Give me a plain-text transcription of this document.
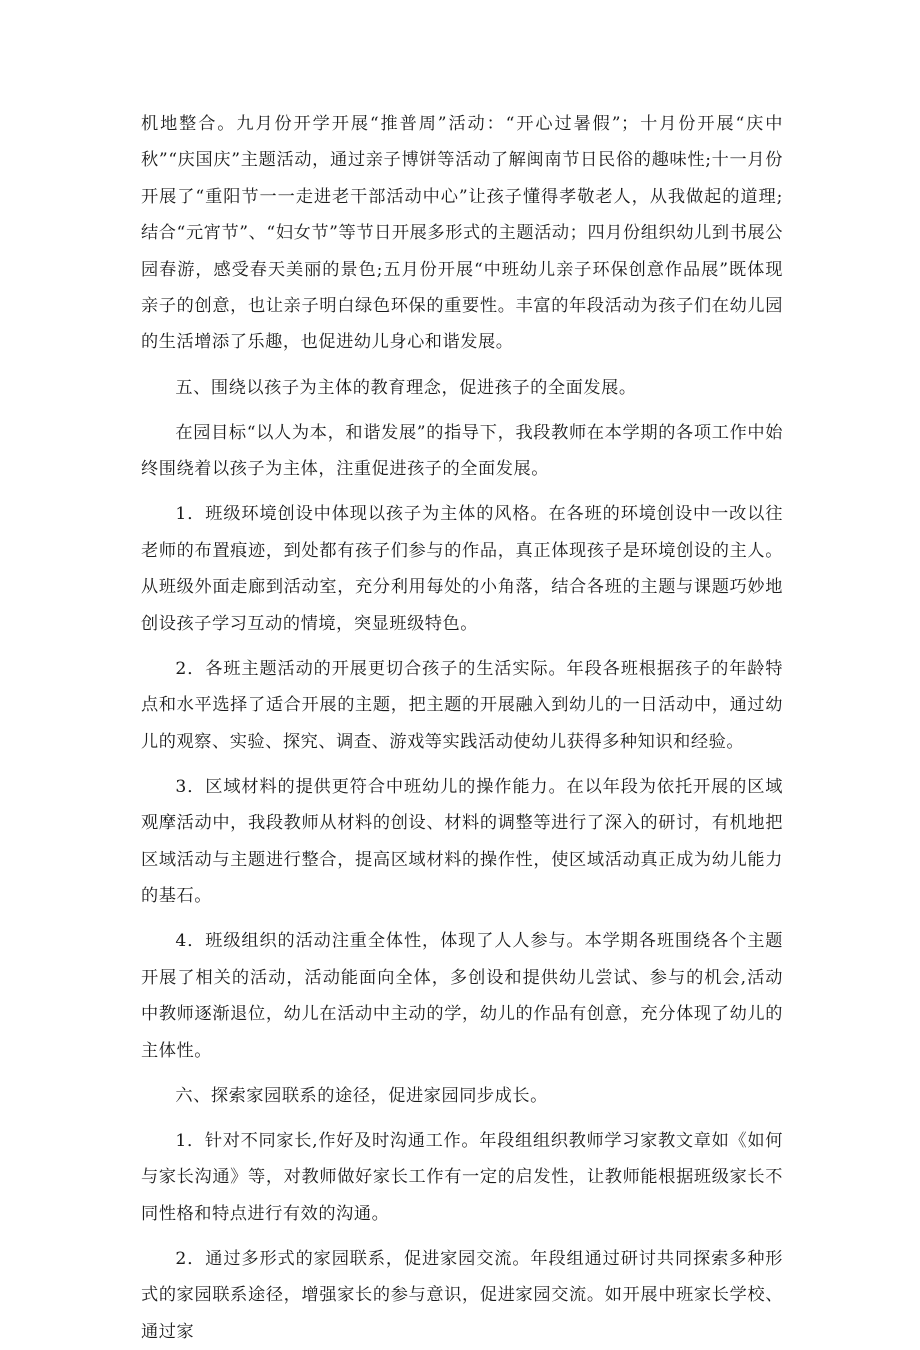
机地整合。九月份开学开展“推普周”活动：“开心过暑假”；十月份开展“庆中秋”“庆国庆”主题活动，通过亲子博饼等活动了解闽南节日民俗的趣味性;十一月份开展了“重阳节一一走进老干部活动中心”让孩子懂得孝敬老人，从我做起的道理;结合“元宵节”、“妇女节”等节日开展多形式的主题活动；四月份组织幼儿到书展公园春游，感受春天美丽的景色;五月份开展“中班幼儿亲子环保创意作品展”既体现亲子的创意，也让亲子明白绿色环保的重要性。丰富的年段活动为孩子们在幼儿园的生活增添了乐趣，也促进幼儿身心和谐发展。

五、围绕以孩子为主体的教育理念，促进孩子的全面发展。

在园目标“以人为本，和谐发展”的指导下，我段教师在本学期的各项工作中始终围绕着以孩子为主体，注重促进孩子的全面发展。

1．班级环境创设中体现以孩子为主体的风格。在各班的环境创设中一改以往老师的布置痕迹，到处都有孩子们参与的作品，真正体现孩子是环境创设的主人。从班级外面走廊到活动室，充分利用每处的小角落，结合各班的主题与课题巧妙地创设孩子学习互动的情境，突显班级特色。

2．各班主题活动的开展更切合孩子的生活实际。年段各班根据孩子的年龄特点和水平选择了适合开展的主题，把主题的开展融入到幼儿的一日活动中，通过幼儿的观察、实验、探究、调查、游戏等实践活动使幼儿获得多种知识和经验。

3．区域材料的提供更符合中班幼儿的操作能力。在以年段为依托开展的区域观摩活动中，我段教师从材料的创设、材料的调整等进行了深入的研讨，有机地把区域活动与主题进行整合，提高区域材料的操作性，使区域活动真正成为幼儿能力的基石。

4．班级组织的活动注重全体性，体现了人人参与。本学期各班围绕各个主题开展了相关的活动，活动能面向全体，多创设和提供幼儿尝试、参与的机会,活动中教师逐渐退位，幼儿在活动中主动的学，幼儿的作品有创意，充分体现了幼儿的主体性。

六、探索家园联系的途径，促进家园同步成长。

1．针对不同家长,作好及时沟通工作。年段组组织教师学习家教文章如《如何与家长沟通》等，对教师做好家长工作有一定的启发性，让教师能根据班级家长不同性格和特点进行有效的沟通。

2．通过多形式的家园联系，促进家园交流。年段组通过研讨共同探索多种形式的家园联系途径，增强家长的参与意识，促进家园交流。如开展中班家长学校、通过家
